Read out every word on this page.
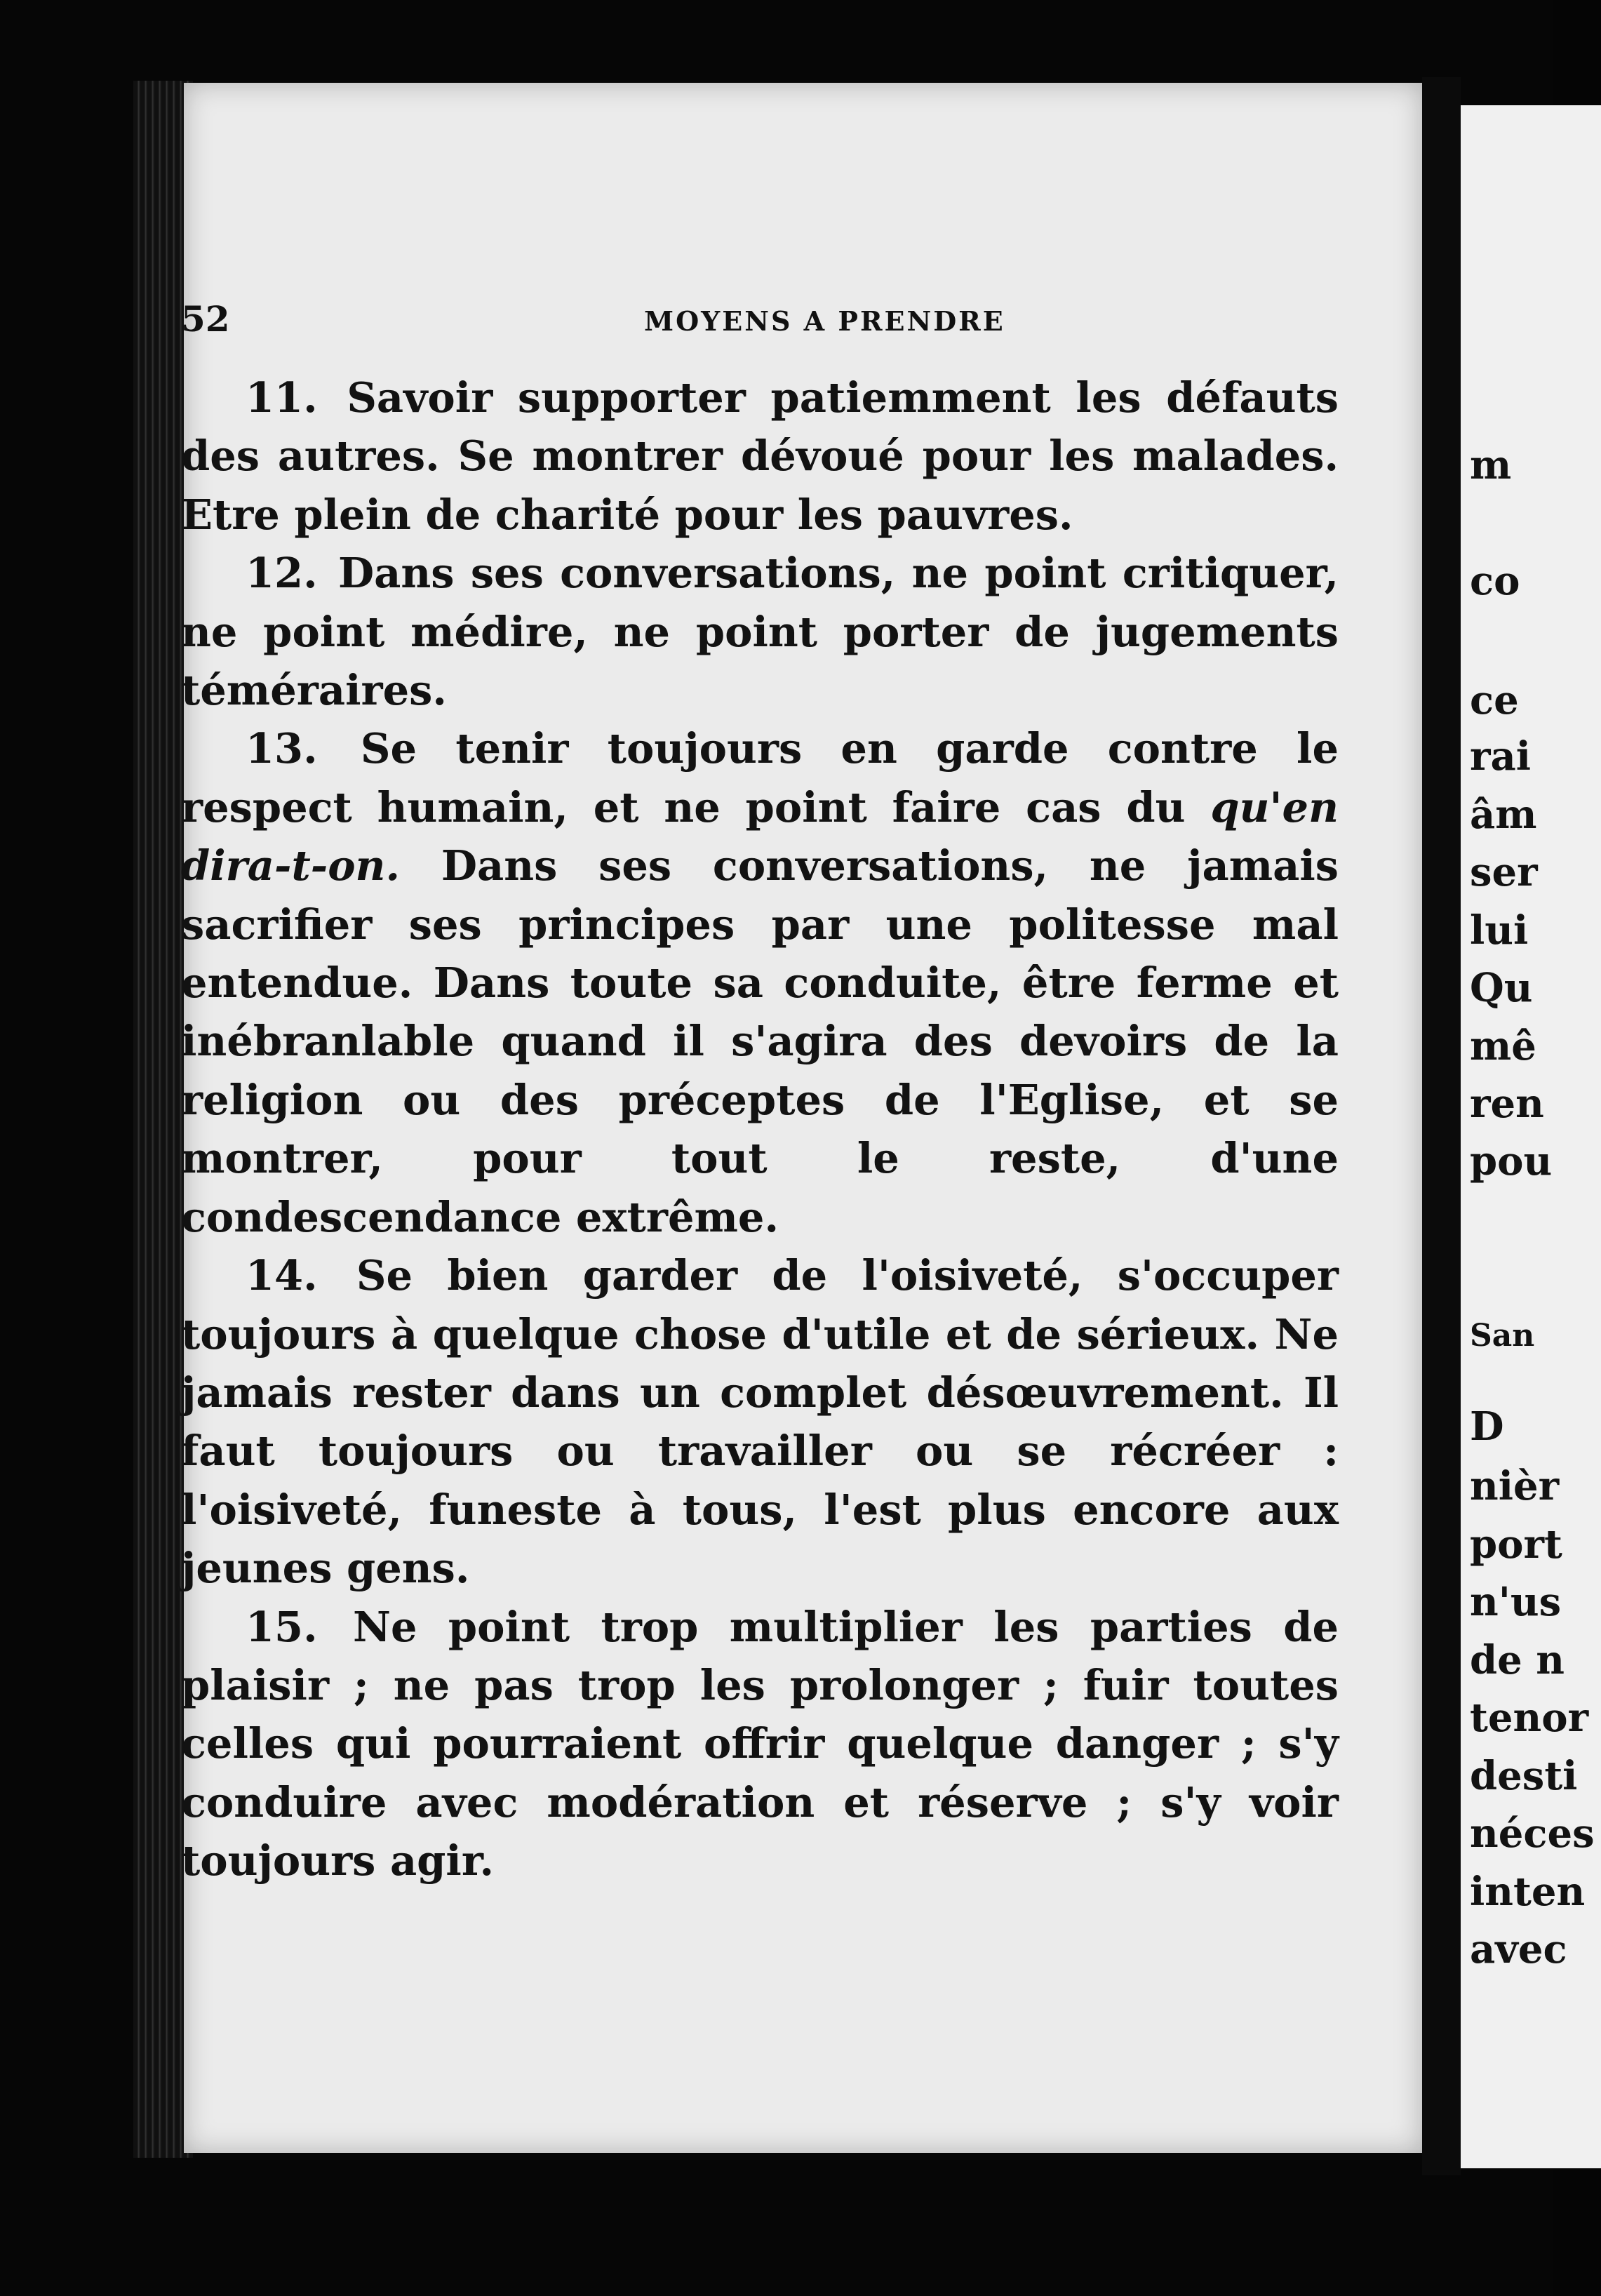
52	MOYENS A PRENDRE

11. Savoir supporter patiemment les défauts des autres. Se montrer dévoué pour les malades. Etre plein de charité pour les pauvres.

12. Dans ses conversations, ne point critiquer, ne point médire, ne point porter de jugements téméraires.

13. Se tenir toujours en garde contre le respect humain, et ne point faire cas du qu'en dira-t-on. Dans ses conversations, ne jamais sacrifier ses principes par une politesse mal entendue. Dans toute sa conduite, être ferme et inébranlable quand il s'agira des devoirs de la religion ou des préceptes de l'Eglise, et se montrer, pour tout le reste, d'une condescendance extrême.

14. Se bien garder de l'oisiveté, s'occuper toujours à quelque chose d'utile et de sérieux. Ne jamais rester dans un complet désœuvrement. Il faut toujours ou travailler ou se récréer : l'oisiveté, funeste à tous, l'est plus encore aux jeunes gens.

15. Ne point trop multiplier les parties de plaisir ; ne pas trop les prolonger ; fuir toutes celles qui pourraient offrir quelque danger ; s'y conduire avec modération et réserve ; s'y voir toujours agir.

m
co
ce
rai
âm
ser
lui
Qu
mê
ren
pou
San
D
nièr
port
n'us
de n
tenor
desti
néces
inten
avec
